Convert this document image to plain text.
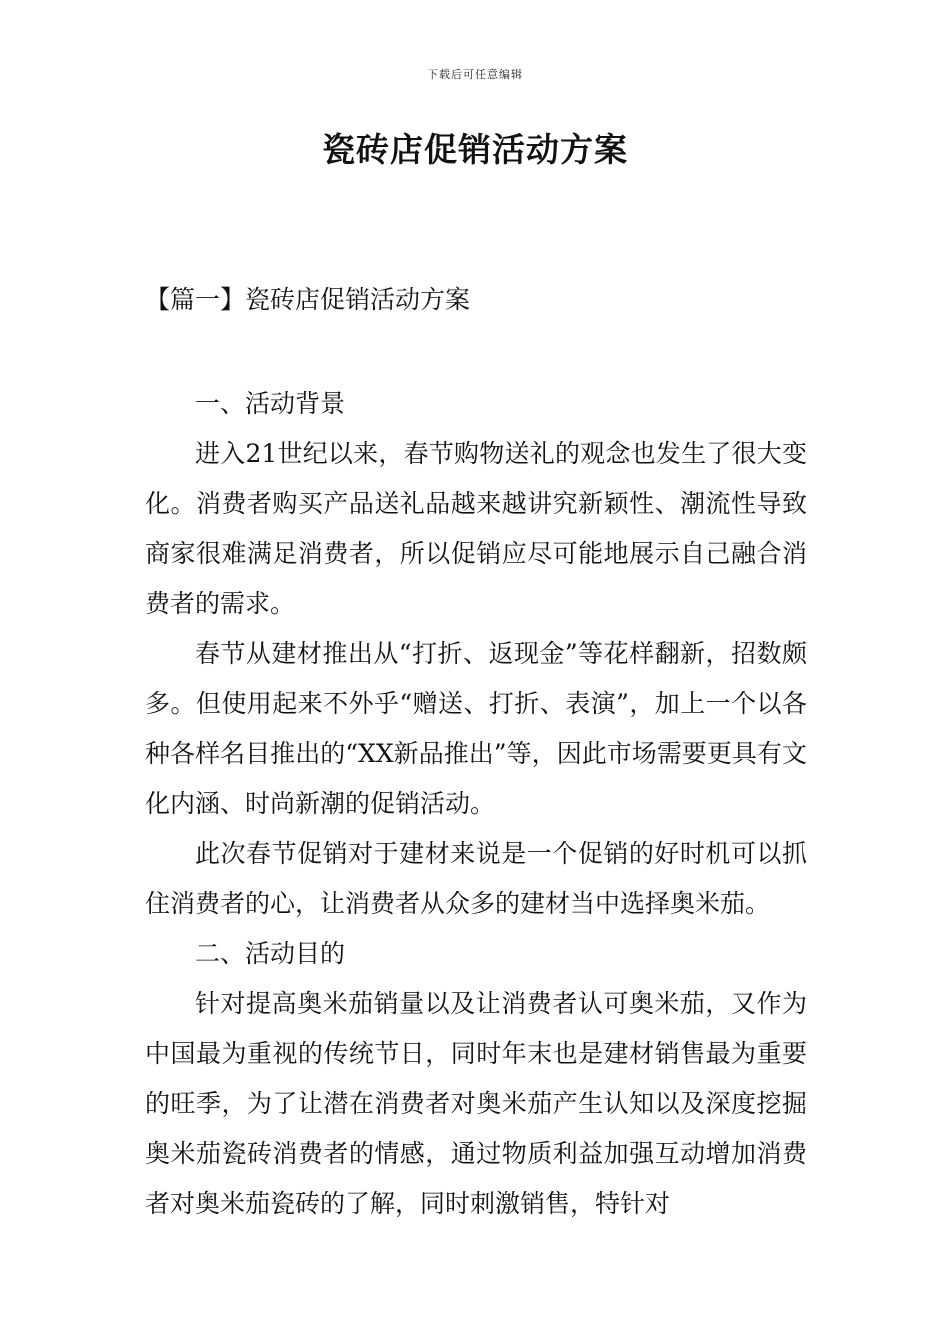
下载后可任意编辑
瓷砖店促销活动方案
【篇一】瓷砖店促销活动方案

一、活动背景

进入21世纪以来，春节购物送礼的观念也发生了很大变化。消费者购买产品送礼品越来越讲究新颖性、潮流性导致商家很难满足消费者，所以促销应尽可能地展示自己融合消费者的需求。

春节从建材推出从“打折、返现金”等花样翻新，招数颇多。但使用起来不外乎“赠送、打折、表演”，加上一个以各种各样名目推出的“XX新品推出”等，因此市场需要更具有文化内涵、时尚新潮的促销活动。

此次春节促销对于建材来说是一个促销的好时机可以抓住消费者的心，让消费者从众多的建材当中选择奥米茄。

二、活动目的

针对提高奥米茄销量以及让消费者认可奥米茄，又作为中国最为重视的传统节日，同时年末也是建材销售最为重要的旺季，为了让潜在消费者对奥米茄产生认知以及深度挖掘奥米茄瓷砖消费者的情感，通过物质利益加强互动增加消费者对奥米茄瓷砖的了解，同时刺激销售，特针对
